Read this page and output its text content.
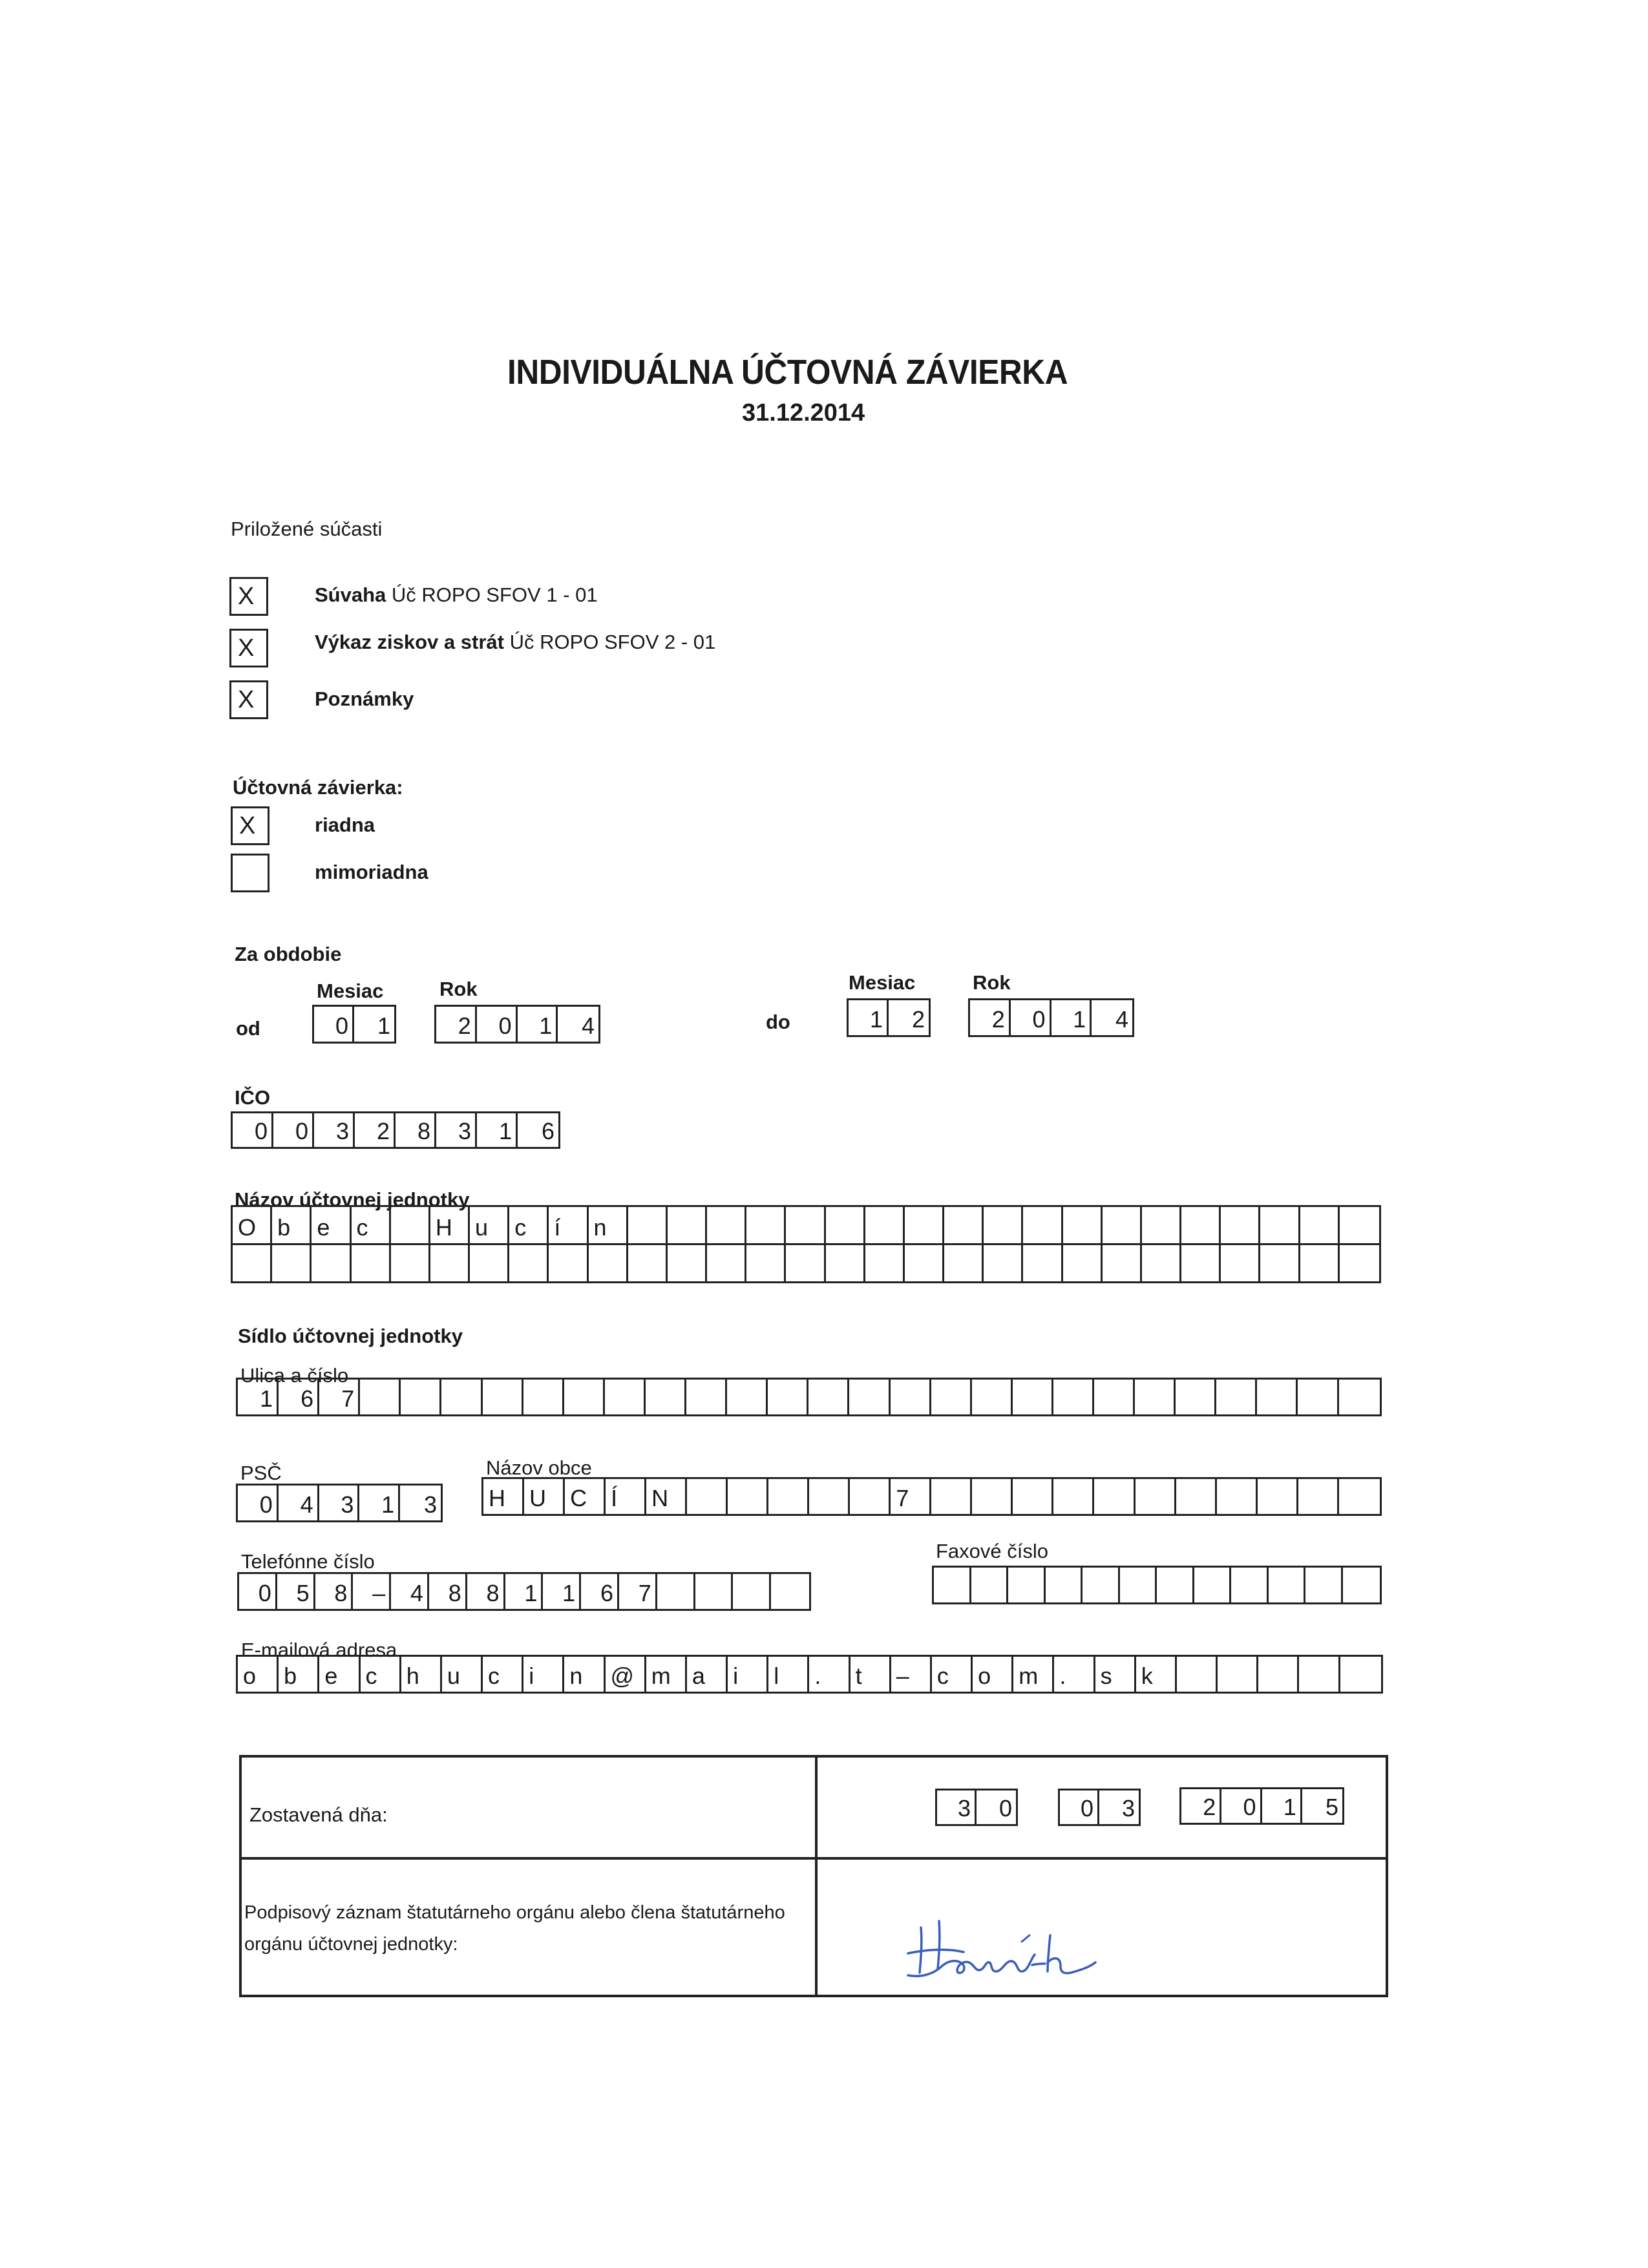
INDIVIDUÁLNA ÚČTOVNÁ ZÁVIERKA
31.12.2014
Priložené súčasti
X	Súvaha Úč ROPO SFOV 1 - 01
X	Výkaz ziskov a strát Úč ROPO SFOV 2 - 01
X	Poznámky
Účtovná závierka:
X	riadna
mimoriadna
Za obdobie
Mesiac	Rok
od	0	1	2	0	1	4
Mesiac	Rok
do	1	2	2	0	1	4
IČO
0	0	3	2	8	3	1	6
Názov účtovnej jednotky
O b	e	c	H u	c	í	n
Sídlo účtovnej jednotky
Ulica a číslo
1	6	7
PSČ
0	4	3	1	3
Názov obce
H	U	C	Í	N	7
Telefónne číslo
0	5	8	–	4	8	8	1	1	6	7
Faxové číslo
E-mailová adresa
o	b	e	c	h	u	c	i	n	@ m a	i	l	.	t	–	c	o	m .	s	k
Zostavená dňa:	3	0	0	3	2	0	1	5
Podpisový záznam štatutárneho orgánu alebo člena štatutárneho
orgánu účtovnej jednotky:
